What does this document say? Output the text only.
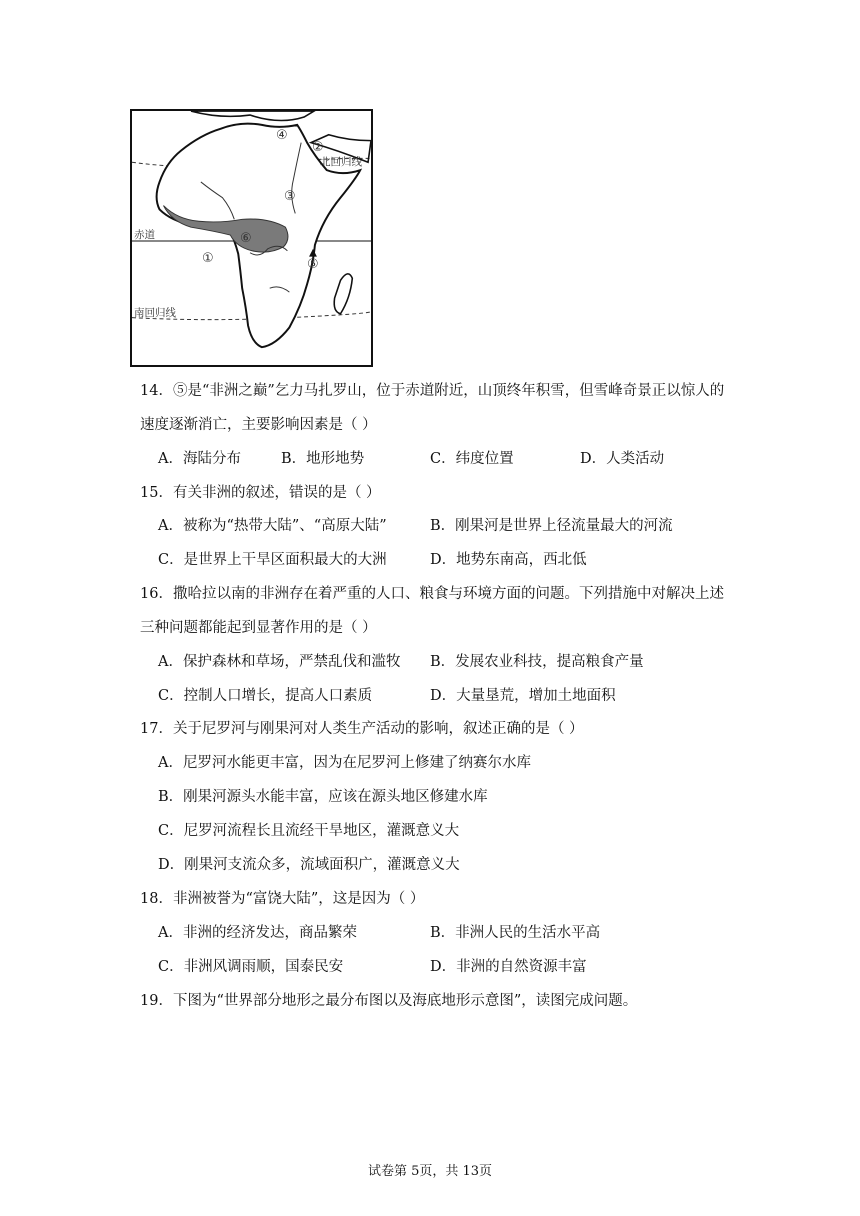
北回归线
赤道
南回归线
①
②
③
④
⑤
⑥
14．⑤是“非洲之巅”乞力马扎罗山，位于赤道附近，山顶终年积雪，但雪峰奇景正以惊人的
速度逐渐消亡，主要影响因素是（ ）
A．海陆分布	B．地形地势	C．纬度位置	D．人类活动
15．有关非洲的叙述，错误的是（ ）
A．被称为“热带大陆”、“高原大陆”	B．刚果河是世界上径流量最大的河流
C．是世界上干旱区面积最大的大洲	D．地势东南高，西北低
16．撒哈拉以南的非洲存在着严重的人口、粮食与环境方面的问题。下列措施中对解决上述
三种问题都能起到显著作用的是（ ）
A．保护森林和草场，严禁乱伐和滥牧 B．发展农业科技，提高粮食产量
C．控制人口增长，提高人口素质	D．大量垦荒，增加土地面积
17．关于尼罗河与刚果河对人类生产活动的影响，叙述正确的是（ ）
A．尼罗河水能更丰富，因为在尼罗河上修建了纳赛尔水库
B．刚果河源头水能丰富，应该在源头地区修建水库
C．尼罗河流程长且流经干旱地区，灌溉意义大
D．刚果河支流众多，流域面积广，灌溉意义大
18．非洲被誉为“富饶大陆”，这是因为（ ）
A．非洲的经济发达，商品繁荣	B．非洲人民的生活水平高
C．非洲风调雨顺，国泰民安	D．非洲的自然资源丰富
19．下图为“世界部分地形之最分布图以及海底地形示意图”，读图完成问题。
试卷第 5页，共 13页
